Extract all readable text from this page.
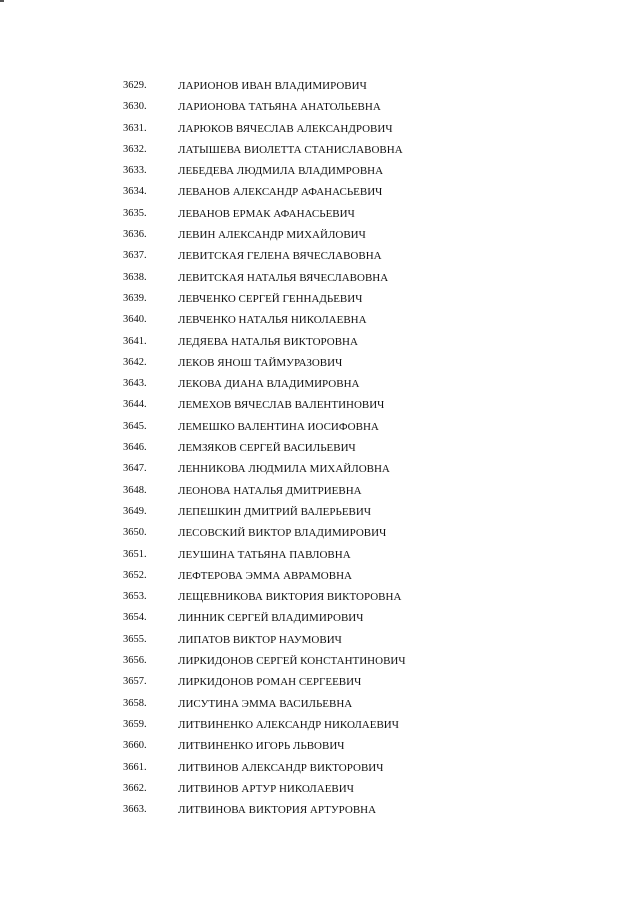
3629.	ЛАРИОНОВ ИВАН ВЛАДИМИРОВИЧ
3630.	ЛАРИОНОВА ТАТЬЯНА АНАТОЛЬЕВНА
3631.	ЛАРЮКОВ ВЯЧЕСЛАВ АЛЕКСАНДРОВИЧ
3632.	ЛАТЫШЕВА ВИОЛЕТТА СТАНИСЛАВОВНА
3633.	ЛЕБЕДЕВА ЛЮДМИЛА ВЛАДИМРОВНА
3634.	ЛЕВАНОВ АЛЕКСАНДР АФАНАСЬЕВИЧ
3635.	ЛЕВАНОВ ЕРМАК АФАНАСЬЕВИЧ
3636.	ЛЕВИН АЛЕКСАНДР МИХАЙЛОВИЧ
3637.	ЛЕВИТСКАЯ ГЕЛЕНА ВЯЧЕСЛАВОВНА
3638.	ЛЕВИТСКАЯ НАТАЛЬЯ ВЯЧЕСЛАВОВНА
3639.	ЛЕВЧЕНКО СЕРГЕЙ ГЕННАДЬЕВИЧ
3640.	ЛЕВЧЕНКО НАТАЛЬЯ НИКОЛАЕВНА
3641.	ЛЕДЯЕВА НАТАЛЬЯ ВИКТОРОВНА
3642.	ЛЕКОВ ЯНОШ ТАЙМУРАЗОВИЧ
3643.	ЛЕКОВА ДИАНА ВЛАДИМИРОВНА
3644.	ЛЕМЕХОВ ВЯЧЕСЛАВ ВАЛЕНТИНОВИЧ
3645.	ЛЕМЕШКО ВАЛЕНТИНА ИОСИФОВНА
3646.	ЛЕМЗЯКОВ СЕРГЕЙ ВАСИЛЬЕВИЧ
3647.	ЛЕННИКОВА ЛЮДМИЛА МИХАЙЛОВНА
3648.	ЛЕОНОВА НАТАЛЬЯ ДМИТРИЕВНА
3649.	ЛЕПЕШКИН ДМИТРИЙ ВАЛЕРЬЕВИЧ
3650.	ЛЕСОВСКИЙ ВИКТОР ВЛАДИМИРОВИЧ
3651.	ЛЕУШИНА ТАТЬЯНА ПАВЛОВНА
3652.	ЛЕФТЕРОВА ЭММА АВРАМОВНА
3653.	ЛЕЩЕВНИКОВА ВИКТОРИЯ ВИКТОРОВНА
3654.	ЛИННИК СЕРГЕЙ ВЛАДИМИРОВИЧ
3655.	ЛИПАТОВ ВИКТОР НАУМОВИЧ
3656.	ЛИРКИДОНОВ СЕРГЕЙ КОНСТАНТИНОВИЧ
3657.	ЛИРКИДОНОВ РОМАН СЕРГЕЕВИЧ
3658.	ЛИСУТИНА ЭММА ВАСИЛЬЕВНА
3659.	ЛИТВИНЕНКО АЛЕКСАНДР НИКОЛАЕВИЧ
3660.	ЛИТВИНЕНКО ИГОРЬ ЛЬВОВИЧ
3661.	ЛИТВИНОВ АЛЕКСАНДР ВИКТОРОВИЧ
3662.	ЛИТВИНОВ АРТУР НИКОЛАЕВИЧ
3663.	ЛИТВИНОВА ВИКТОРИЯ АРТУРОВНА
